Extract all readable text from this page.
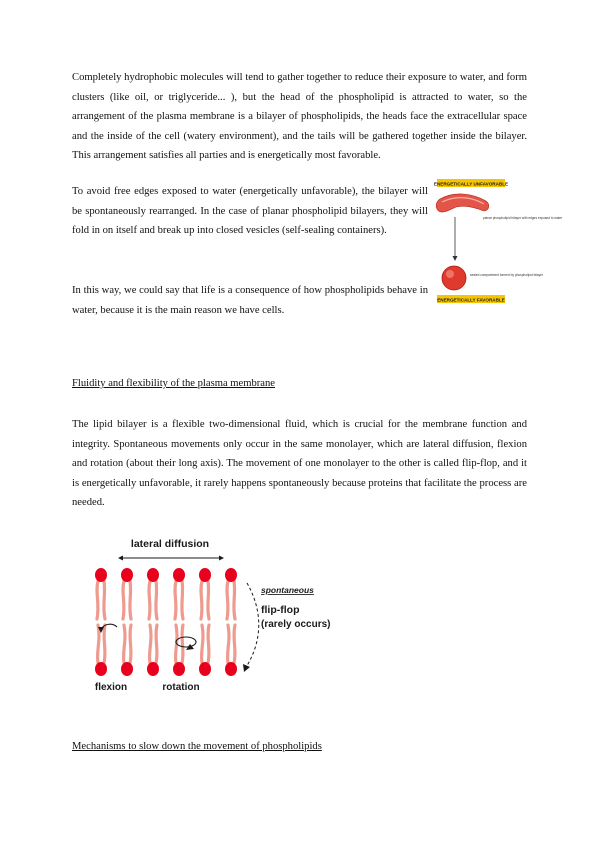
Completely hydrophobic molecules will tend to gather together to reduce their exposure to water, and form clusters (like oil, or triglyceride... ), but the head of the phospholipid is attracted to water, so the arrangement of the plasma membrane is a bilayer of phospholipids, the heads face the extracellular space and the inside of the cell (watery environment), and the tails will be gathered together inside the bilayer. This arrangement satisfies all parties and is energetically most favorable.

To avoid free edges exposed to water (energetically unfavorable), the bilayer will be spontaneously rearranged. In the case of planar phospholipid bilayers, they will fold in on itself and break up into closed vesicles (self-sealing containers).

In this way, we could say that life is a consequence of how phospholipids behave in water, because it is the main reason we have cells.

ENERGETICALLY UNFAVORABLE
planar phospholipid bilayer with edges exposed to water
sealed compartment formed by phospholipid bilayer
ENERGETICALLY FAVORABLE

Fluidity and flexibility of the plasma membrane

The lipid bilayer is a flexible two-dimensional fluid, which is crucial for the membrane function and integrity. Spontaneous movements only occur in the same monolayer, which are lateral diffusion, flexion and rotation (about their long axis). The movement of one monolayer to the other is called flip-flop, and it is energetically unfavorable, it rarely happens spontaneously because proteins that facilitate the process are needed.

lateral diffusion
spontaneous
flip-flop
(rarely occurs)
flexion	rotation

Mechanisms to slow down the movement of phospholipids
